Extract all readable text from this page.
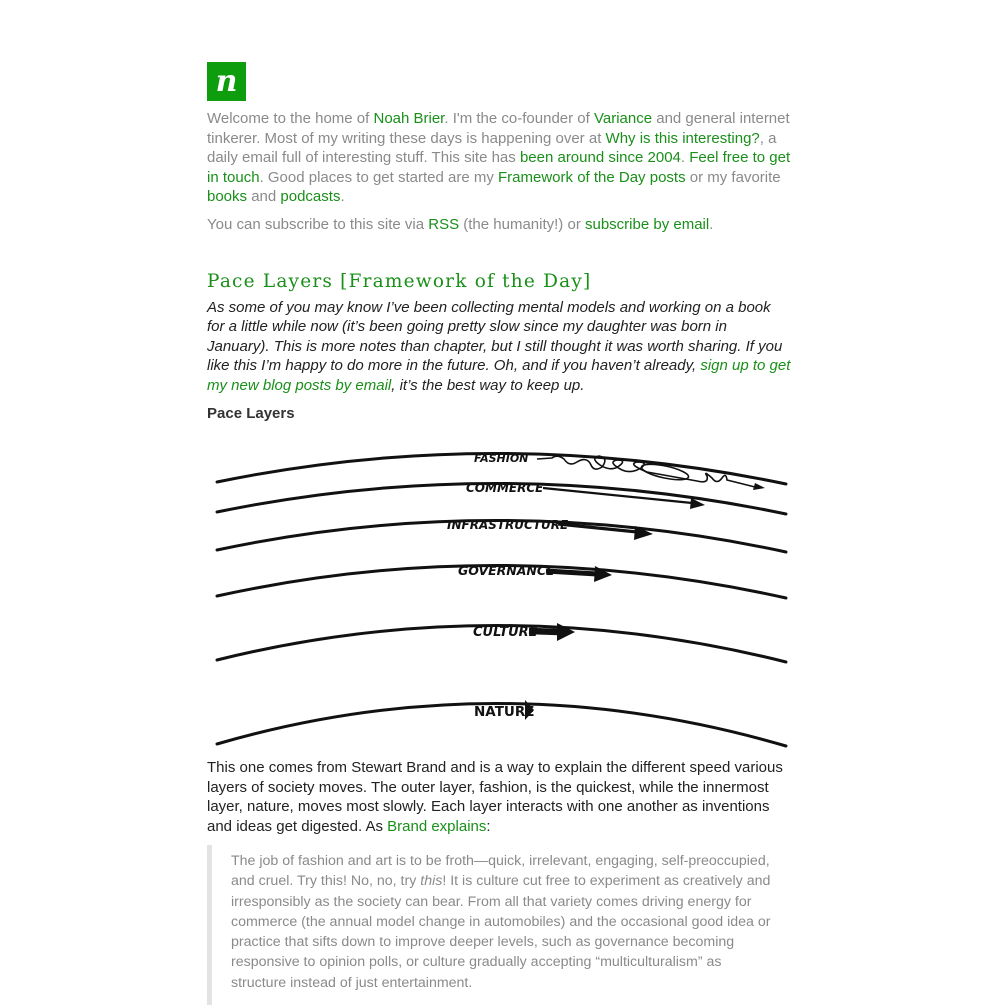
n

Welcome to the home of Noah Brier. I'm the co-founder of Variance and general internet tinkerer. Most of my writing these days is happening over at Why is this interesting?, a daily email full of interesting stuff. This site has been around since 2004. Feel free to get in touch. Good places to get started are my Framework of the Day posts or my favorite books and podcasts.

You can subscribe to this site via RSS (the humanity!) or subscribe by email.

Pace Layers [Framework of the Day]

As some of you may know I’ve been collecting mental models and working on a book for a little while now (it’s been going pretty slow since my daughter was born in January). This is more notes than chapter, but I still thought it was worth sharing. If you like this I’m happy to do more in the future. Oh, and if you haven’t already, sign up to get my new blog posts by email, it’s the best way to keep up.

Pace Layers

FASHION
COMMERCE
INFRASTRUCTURE
GOVERNANCE
CULTURE
NATURE

This one comes from Stewart Brand and is a way to explain the different speed various layers of society moves. The outer layer, fashion, is the quickest, while the innermost layer, nature, moves most slowly. Each layer interacts with one another as inventions and ideas get digested. As Brand explains:

The job of fashion and art is to be froth—quick, irrelevant, engaging, self-preoccupied, and cruel. Try this! No, no, try this! It is culture cut free to experiment as creatively and irresponsibly as the society can bear. From all that variety comes driving energy for commerce (the annual model change in automobiles) and the occasional good idea or practice that sifts down to improve deeper levels, such as governance becoming responsive to opinion polls, or culture gradually accepting “multiculturalism” as structure instead of just entertainment.
